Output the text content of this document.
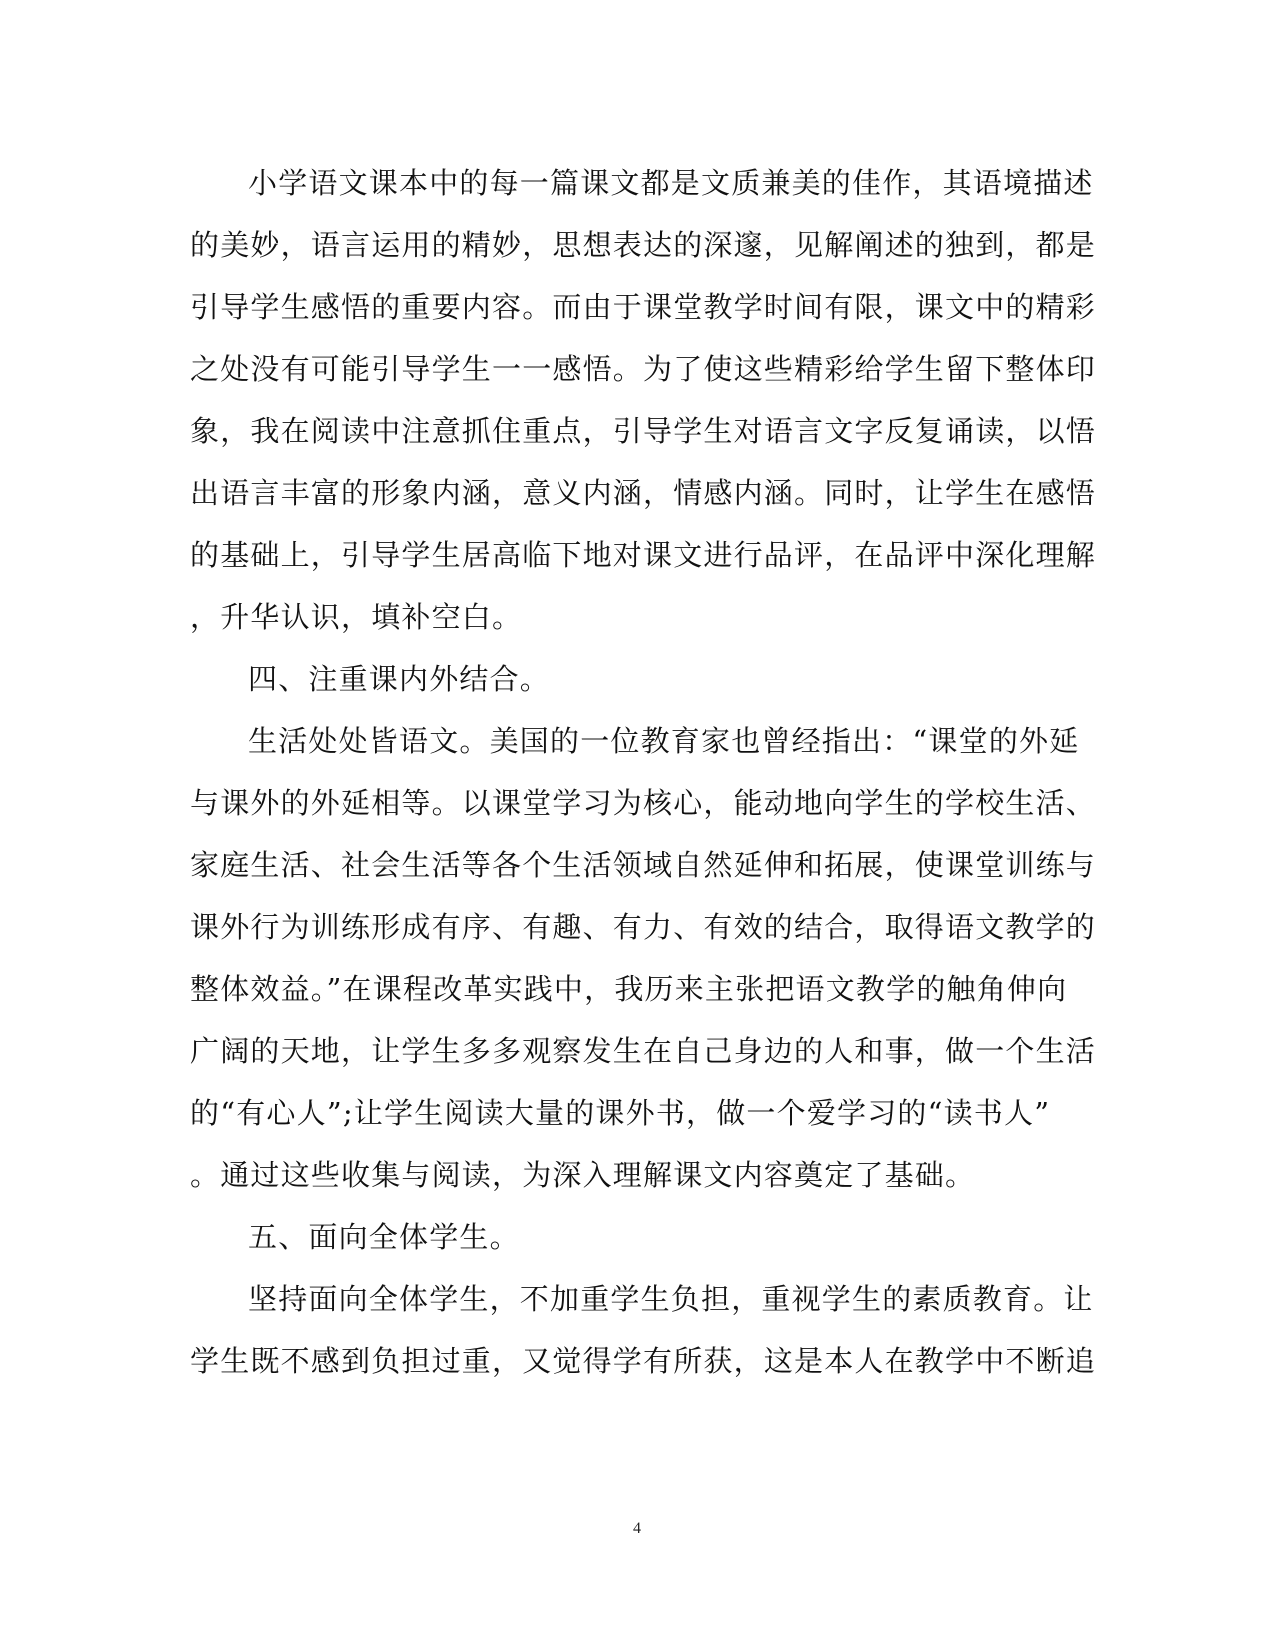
小学语文课本中的每一篇课文都是文质兼美的佳作，其语境描述
的美妙，语言运用的精妙，思想表达的深邃，见解阐述的独到，都是
引导学生感悟的重要内容。而由于课堂教学时间有限，课文中的精彩
之处没有可能引导学生一一感悟。为了使这些精彩给学生留下整体印
象，我在阅读中注意抓住重点，引导学生对语言文字反复诵读，以悟
出语言丰富的形象内涵，意义内涵，情感内涵。同时，让学生在感悟
的基础上，引导学生居高临下地对课文进行品评，在品评中深化理解
，升华认识，填补空白。
四、注重课内外结合。
生活处处皆语文。美国的一位教育家也曾经指出：“课堂的外延
与课外的外延相等。以课堂学习为核心，能动地向学生的学校生活、
家庭生活、社会生活等各个生活领域自然延伸和拓展，使课堂训练与
课外行为训练形成有序、有趣、有力、有效的结合，取得语文教学的
整体效益。”在课程改革实践中，我历来主张把语文教学的触角伸向
广阔的天地，让学生多多观察发生在自己身边的人和事，做一个生活
的“有心人”;让学生阅读大量的课外书，做一个爱学习的“读书人”
。通过这些收集与阅读，为深入理解课文内容奠定了基础。
五、面向全体学生。
坚持面向全体学生，不加重学生负担，重视学生的素质教育。让
学生既不感到负担过重，又觉得学有所获，这是本人在教学中不断追
4
